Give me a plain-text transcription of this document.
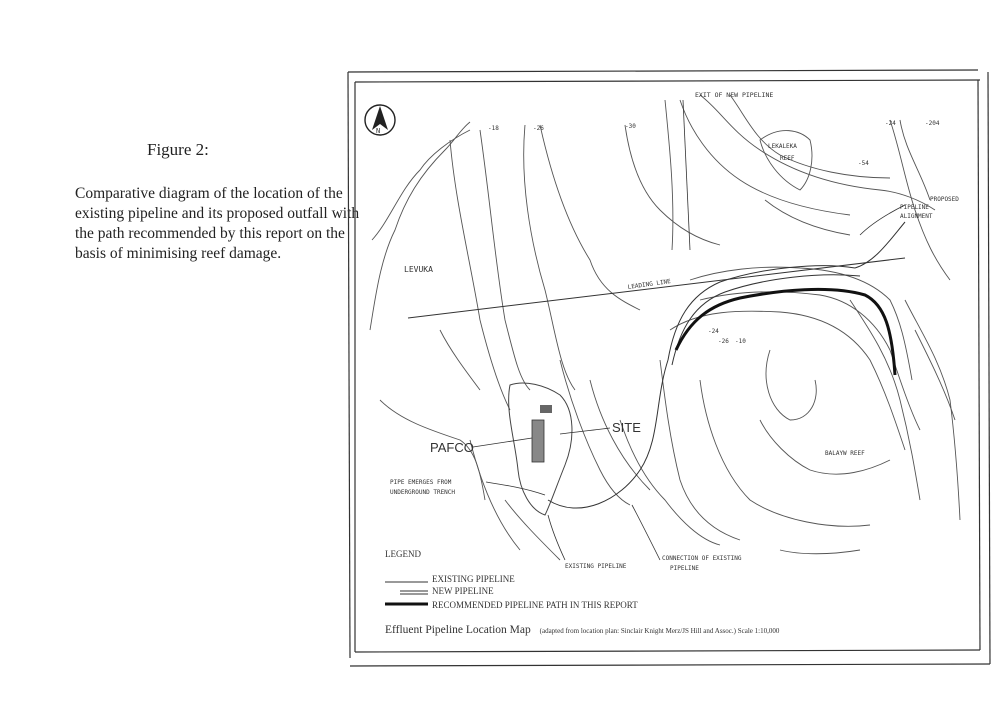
Figure 2:
Comparative diagram of the location of the existing pipeline and its proposed outfall with the path recommended by this report on the basis of minimising reef damage.
N
EXIT OF NEW PIPELINE
LEKALEKA
REEF
PROPOSED
PIPELINE
ALIGNMENT
LEVUKA
LEADING LINE
SITE
PAFCO
PIPE EMERGES FROM
UNDERGROUND TRENCH
EXISTING PIPELINE
CONNECTION OF EXISTING
PIPELINE
BALAYW REEF
-18	-26	-30	-24	-204
-54
-24
-26 -10
LEGEND
EXISTING PIPELINE
NEW PIPELINE
RECOMMENDED PIPELINE PATH IN THIS REPORT
Effluent Pipeline Location Map (adapted from location plan: Sinclair Knight Merz/JS Hill and Assoc.) Scale 1:10,000
